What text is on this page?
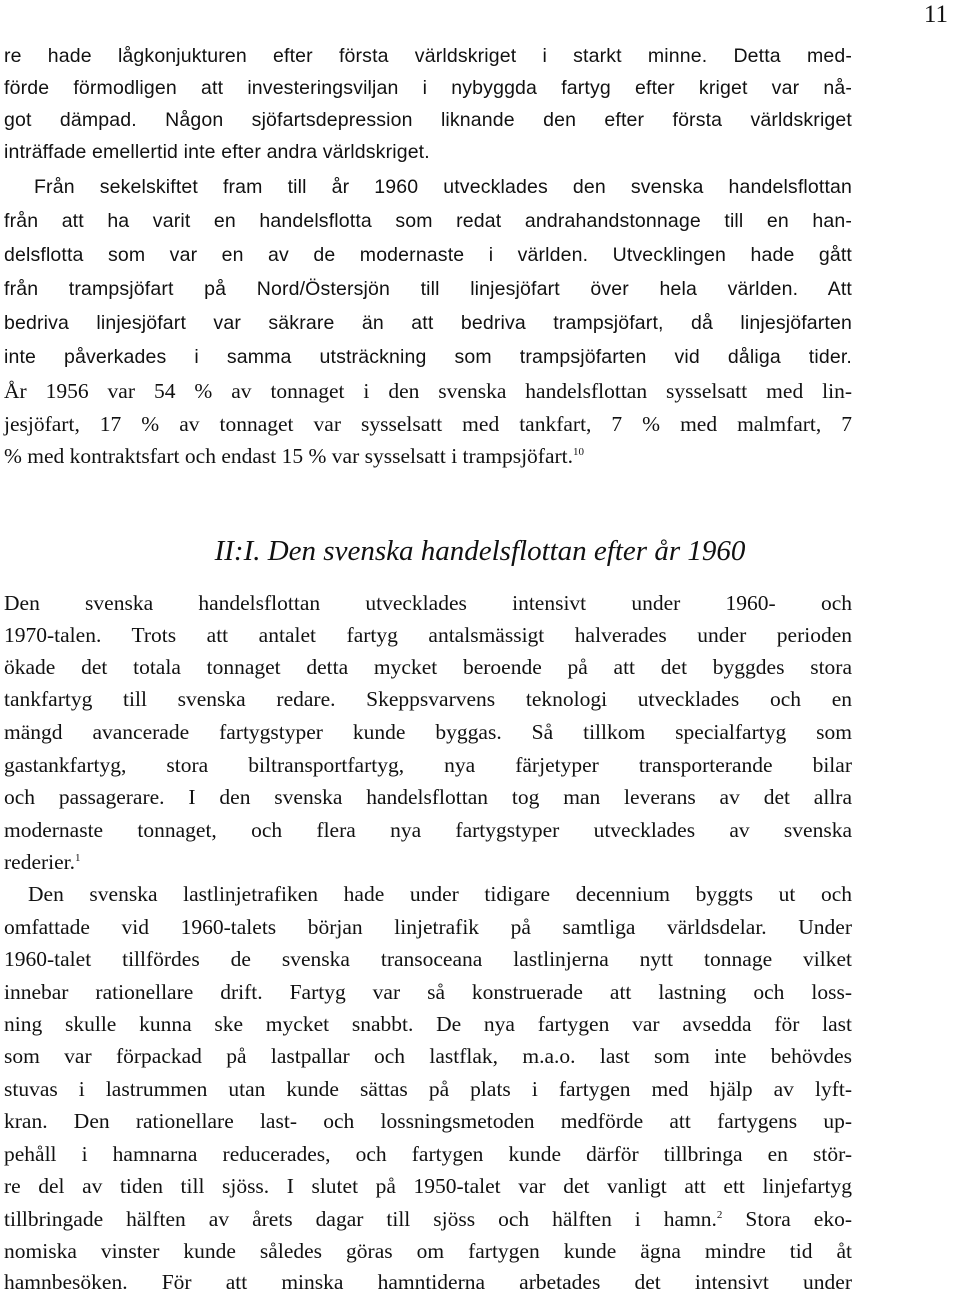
11
re hade lågkonjukturen efter första världskriget i starkt minne. Detta med-
förde förmodligen att investeringsviljan i nybyggda fartyg efter kriget var nå-
got dämpad. Någon sjöfartsdepression liknande den efter första världskriget
inträffade emellertid inte efter andra världskriget.
Från sekelskiftet fram till år 1960 utvecklades den svenska handelsflottan
från att ha varit en handelsflotta som redat andrahandstonnage till en han-
delsflotta som var en av de modernaste i världen. Utvecklingen hade gått
från trampsjöfart på Nord/Östersjön till linjesjöfart över hela världen. Att
bedriva linjesjöfart var säkrare än att bedriva trampsjöfart, då linjesjöfarten
inte påverkades i samma utsträckning som trampsjöfarten vid dåliga tider.
År 1956 var 54 % av tonnaget i den svenska handelsflottan sysselsatt med lin-
jesjöfart, 17 % av tonnaget var sysselsatt med tankfart, 7 % med malmfart, 7
% med kontraktsfart och endast 15 % var sysselsatt i trampsjöfart.$^{10}$
II:I. Den svenska handelsflottan efter år 1960
Den svenska handelsflottan utvecklades intensivt under 1960- och
1970-talen. Trots att antalet fartyg antalsmässigt halverades under perioden
ökade det totala tonnaget detta mycket beroende på att det byggdes stora
tankfartyg till svenska redare. Skeppsvarvens teknologi utvecklades och en
mängd avancerade fartygstyper kunde byggas. Så tillkom specialfartyg som
gastankfartyg, stora biltransportfartyg, nya färjetyper transporterande bilar
och passagerare. I den svenska handelsflottan tog man leverans av det allra
modernaste tonnaget, och flera nya fartygstyper utvecklades av svenska
rederier.$^1$
Den svenska lastlinjetrafiken hade under tidigare decennium byggts ut och
omfattade vid 1960-talets början linjetrafik på samtliga världsdelar. Under
1960-talet tillfördes de svenska transoceana lastlinjerna nytt tonnage vilket
innebar rationellare drift. Fartyg var så konstruerade att lastning och loss-
ning skulle kunna ske mycket snabbt. De nya fartygen var avsedda för last
som var förpackad på lastpallar och lastflak, m.a.o. last som inte behövdes
stuvas i lastrummen utan kunde sättas på plats i fartygen med hjälp av lyft-
kran. Den rationellare last- och lossningsmetoden medförde att fartygens up-
pehåll i hamnarna reducerades, och fartygen kunde därför tillbringa en stör-
re del av tiden till sjöss. I slutet på 1950-talet var det vanligt att ett linjefartyg
tillbringade hälften av årets dagar till sjöss och hälften i hamn.$^2$ Stora eko-
nomiska vinster kunde således göras om fartygen kunde ägna mindre tid åt
hamnbesöken. För att minska hamntiderna arbetades det intensivt under
